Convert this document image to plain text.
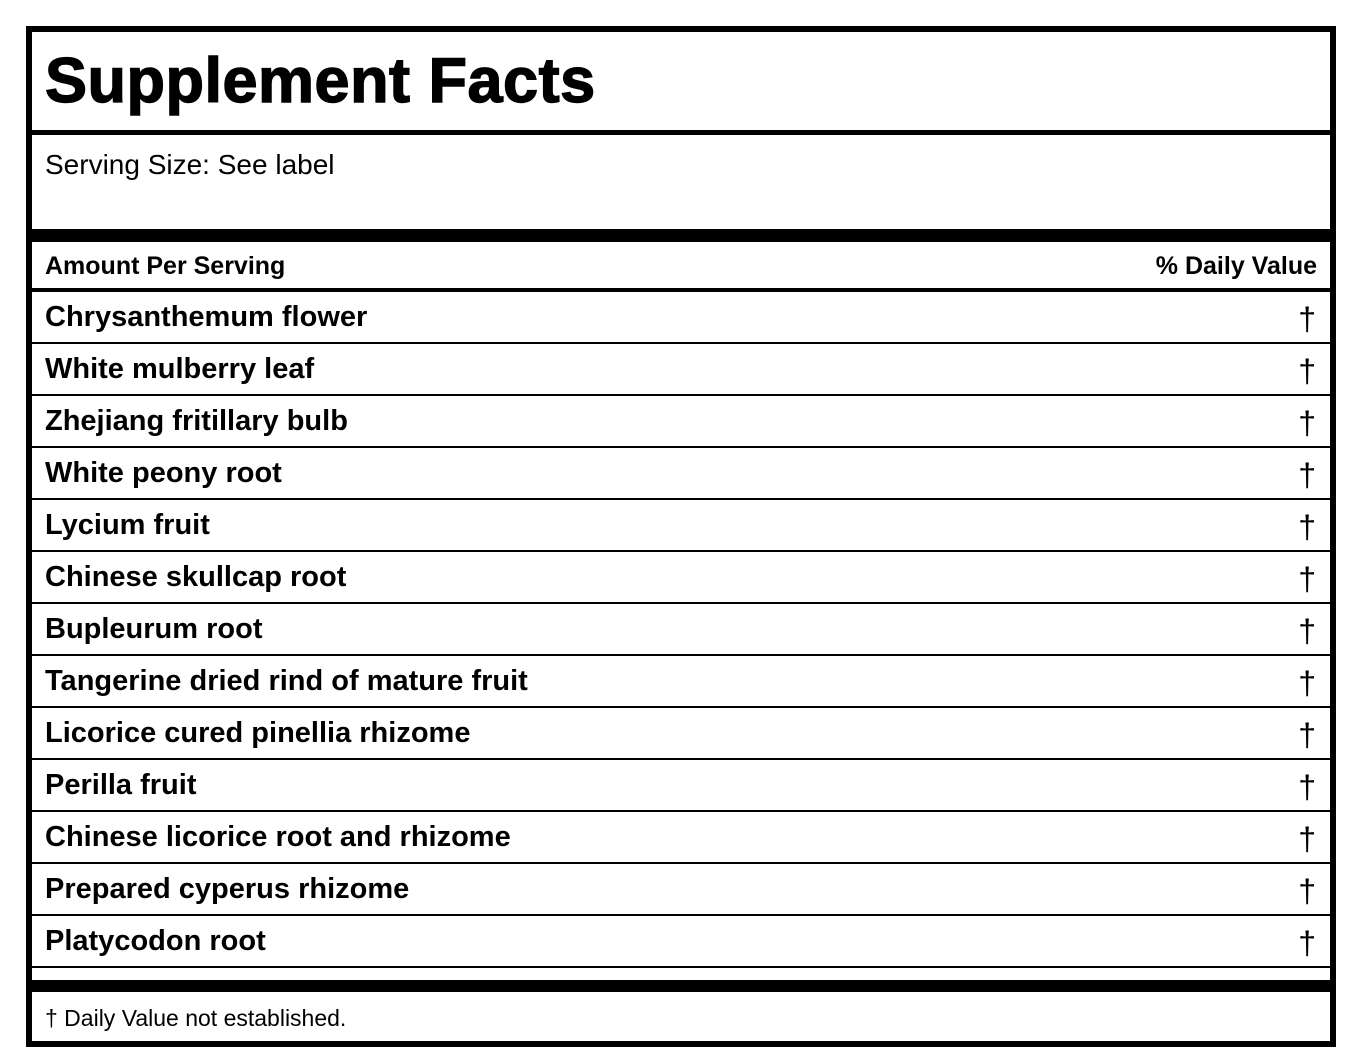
Supplement Facts
Serving Size: See label
Amount Per Serving	% Daily Value
Chrysanthemum flower	†
White mulberry leaf	†
Zhejiang fritillary bulb	†
White peony root	†
Lycium fruit	†
Chinese skullcap root	†
Bupleurum root	†
Tangerine dried rind of mature fruit	†
Licorice cured pinellia rhizome	†
Perilla fruit	†
Chinese licorice root and rhizome	†
Prepared cyperus rhizome	†
Platycodon root	†
† Daily Value not established.
